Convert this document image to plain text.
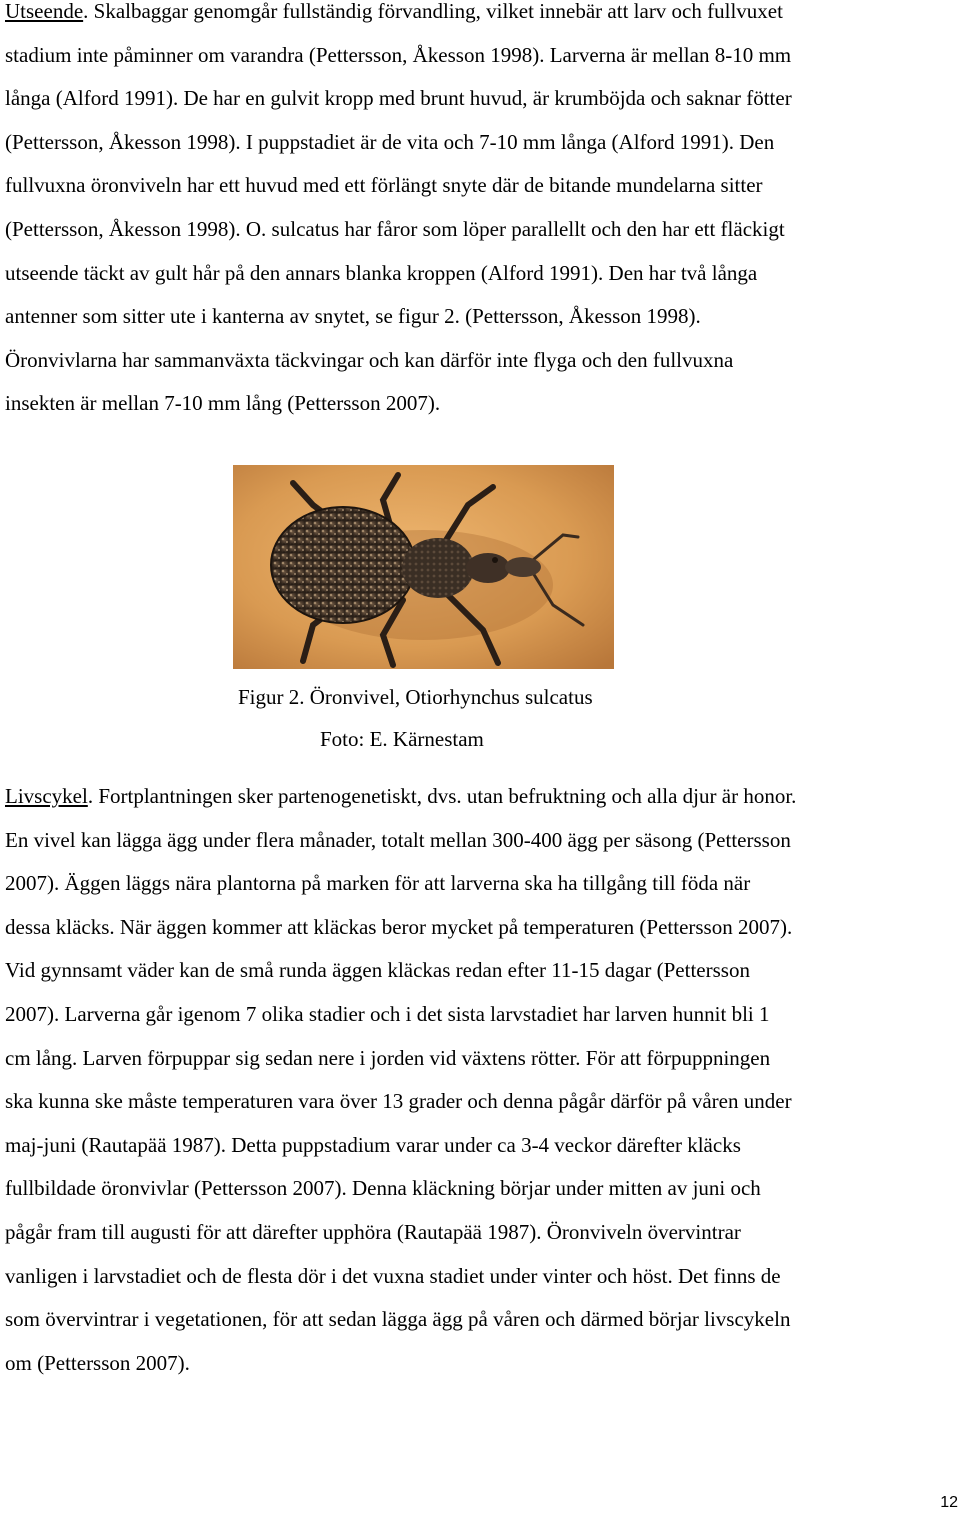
Utseende. Skalbaggar genomgår fullständig förvandling, vilket innebär att larv och fullvuxet
stadium inte påminner om varandra (Pettersson, Åkesson 1998). Larverna är mellan 8-10 mm
långa (Alford 1991). De har en gulvit kropp med brunt huvud, är krumböjda och saknar fötter
(Pettersson, Åkesson 1998). I puppstadiet är de vita och 7-10 mm långa (Alford 1991). Den
fullvuxna öronviveln har ett huvud med ett förlängt snyte där de bitande mundelarna sitter
(Pettersson, Åkesson 1998). O. sulcatus har fåror som löper parallellt och den har ett fläckigt
utseende täckt av gult hår på den annars blanka kroppen (Alford 1991). Den har två långa
antenner som sitter ute i kanterna av snytet, se figur 2. (Pettersson, Åkesson 1998).
Öronvivlarna har sammanväxta täckvingar och kan därför inte flyga och den fullvuxna
insekten är mellan 7-10 mm lång (Pettersson 2007).
Figur 2. Öronvivel, Otiorhynchus sulcatus
Foto: E. Kärnestam
Livscykel. Fortplantningen sker partenogenetiskt, dvs. utan befruktning och alla djur är honor.
En vivel kan lägga ägg under flera månader, totalt mellan 300-400 ägg per säsong (Pettersson
2007). Äggen läggs nära plantorna på marken för att larverna ska ha tillgång till föda när
dessa kläcks. När äggen kommer att kläckas beror mycket på temperaturen (Pettersson 2007).
Vid gynnsamt väder kan de små runda äggen kläckas redan efter 11-15 dagar (Pettersson
2007). Larverna går igenom 7 olika stadier och i det sista larvstadiet har larven hunnit bli 1
cm lång. Larven förpuppar sig sedan nere i jorden vid växtens rötter. För att förpuppningen
ska kunna ske måste temperaturen vara över 13 grader och denna pågår därför på våren under
maj-juni (Rautapää 1987). Detta puppstadium varar under ca 3-4 veckor därefter kläcks
fullbildade öronvivlar (Pettersson 2007). Denna kläckning börjar under mitten av juni och
pågår fram till augusti för att därefter upphöra (Rautapää 1987). Öronviveln övervintrar
vanligen i larvstadiet och de flesta dör i det vuxna stadiet under vinter och höst. Det finns de
som övervintrar i vegetationen, för att sedan lägga ägg på våren och därmed börjar livscykeln
om (Pettersson 2007).
12
